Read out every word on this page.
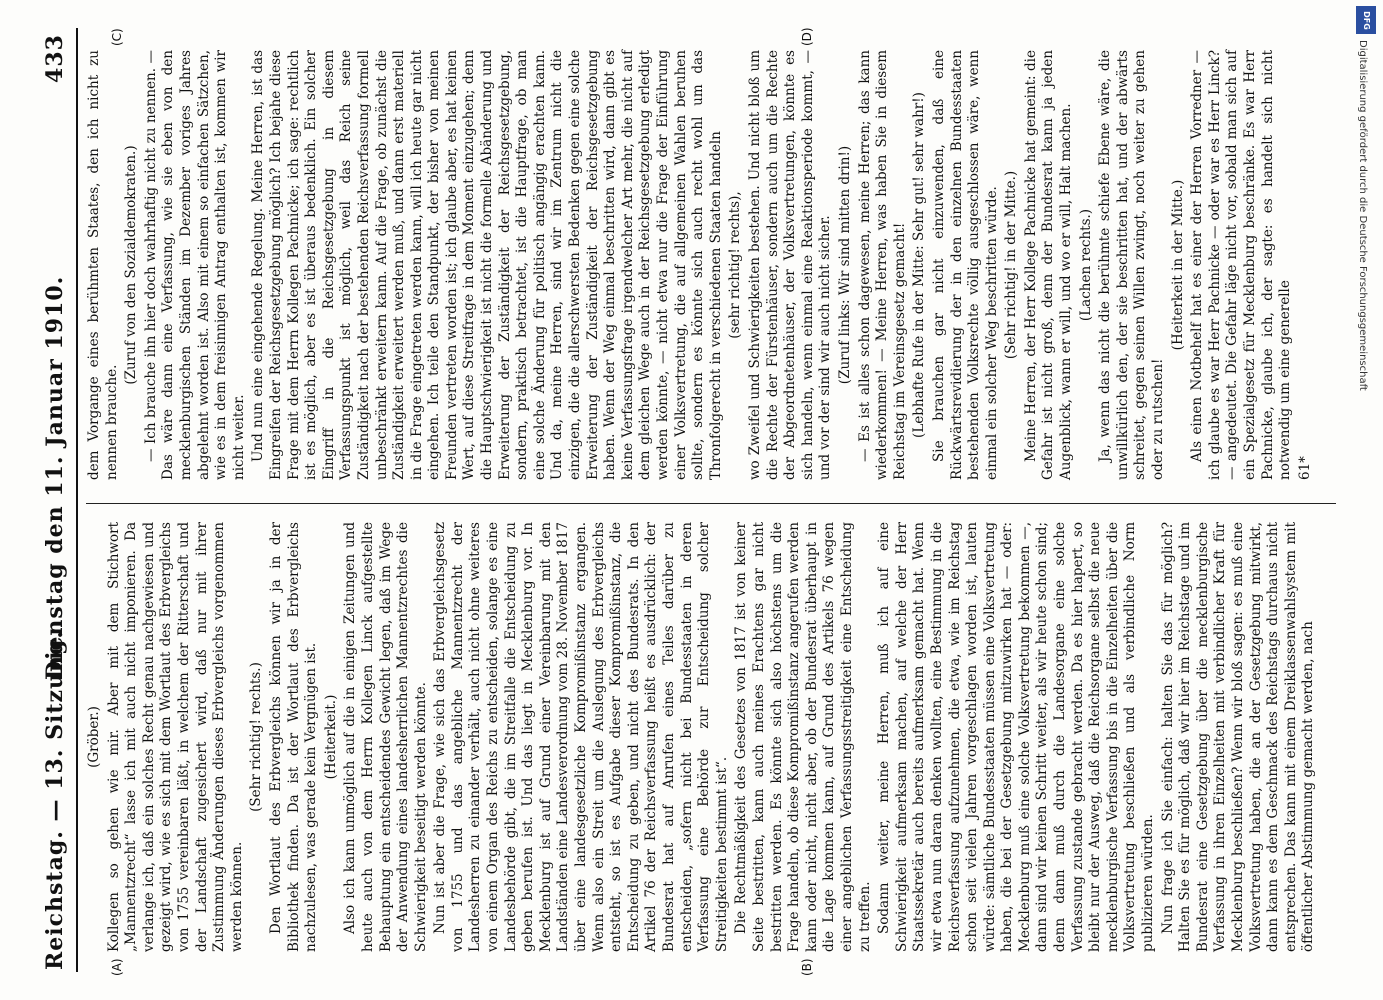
Reichstag. — 13. Sitzung.
Dienstag den 11. Januar 1910.
433
(A)	(B)
(C)	(D)

(Gröber.) Kollegen so gehen wie mir. Aber mit dem Stichwort „Mannentzrecht“ lasse ich mit auch nicht imponieren. Da verlange ich, daß ein solches Recht genau nachgewiesen und gezeigt wird, wie es sich mit dem Wortlaut des Erbvergleichs von 1755 vereinbaren läßt, in welchem der Ritterschaft und der Landschaft zugesichert wird, daß nur mit ihrer Zustimmung Änderungen dieses Erbvergleichs vorgenommen werden können.

(Sehr richtig! rechts.) Den Wortlaut des Erbvergleichs können wir ja in der Bibliothek finden. Da ist der Wortlaut des Erbvergleichs nachzulesen, was gerade kein Vergnügen ist. (Heiterkeit.) Also ich kann unmöglich auf die in einigen Zeitungen und heute auch von dem Herrn Kollegen Linck aufgestellte Behauptung ein entscheidendes Gewicht legen, daß im Wege der Anwendung eines landesherrlichen Mannentzrechtes die Schwierigkeit beseitigt werden könnte. Nun ist aber die Frage, wie sich das Erbvergleichsgesetz von 1755 und das angebliche Mannentzrecht der Landesherren zu einander verhält, auch nicht ohne weiteres von einem Organ des Reichs zu entscheiden, solange es eine Landesbehörde gibt, die im Streitfalle die Entscheidung zu geben berufen ist. Und das liegt in Mecklenburg vor. In Mecklenburg ist auf Grund einer Vereinbarung mit den Landständen eine Landesverordnung vom 28. November 1817 über eine landesgesetzliche Kompromißinstanz ergangen. Wenn also ein Streit um die Auslegung des Erbvergleichs entsteht, so ist es Aufgabe dieser Kompromißinstanz, die Entscheidung zu geben, und nicht des Bundesrats. In den Artikel 76 der Reichsverfassung heißt es ausdrücklich: der Bundesrat hat auf Anrufen eines Teiles darüber zu entscheiden, „sofern nicht bei Bundesstaaten in deren Verfassung eine Behörde zur Entscheidung solcher Streitigkeiten bestimmt ist“. Die Rechtmäßigkeit des Gesetzes von 1817 ist von keiner Seite bestritten, kann auch meines Erachtens gar nicht bestritten werden. Es könnte sich also höchstens um die Frage handeln, ob diese Kompromißinstanz angerufen werden kann oder nicht, nicht aber, ob der Bundesrat überhaupt in die Lage kommen kann, auf Grund des Artikels 76 wegen einer angeblichen Verfassungsstreitigkeit eine Entscheidung zu treffen. Sodann weiter, meine Herren, muß ich auf eine Schwierigkeit aufmerksam machen, auf welche der Herr Staatssekretär auch bereits aufmerksam gemacht hat. Wenn wir etwa nun daran denken wollten, eine Bestimmung in die Reichsverfassung aufzunehmen, die etwa, wie im Reichstag schon seit vielen Jahren vorgeschlagen worden ist, lauten würde: sämtliche Bundesstaaten müssen eine Volksvertretung haben, die bei der Gesetzgebung mitzuwirken hat — oder: Mecklenburg muß eine solche Volksvertretung bekommen —, dann sind wir keinen Schritt weiter, als wir heute schon sind; denn dann muß durch die Landesorgane eine solche Verfassung zustande gebracht werden. Da es hier hapert, so bleibt nur der Ausweg, daß die Reichsorgane selbst die neue mecklenburgische Verfassung bis in die Einzelheiten über die Volksvertretung beschließen und als verbindliche Norm publizieren würden. Nun frage ich Sie einfach: halten Sie das für möglich? Halten Sie es für möglich, daß wir hier im Reichstage und im Bundesrat eine Gesetzgebung über die mecklenburgische Verfassung in ihren Einzelheiten mit verbindlicher Kraft für Mecklenburg beschließen? Wenn wir bloß sagen: es muß eine Volksvertretung haben, die an der Gesetzgebung mitwirkt, dann kann es dem Geschmack des Reichstags durchaus nicht entsprechen. Das kann mit einem Dreiklassenwahlsystem mit öffentlicher Abstimmung gemacht werden, nach

dem Vorgange eines berühmten Staates, den ich nicht zu nennen brauche.

(Zuruf von den Sozialdemokraten.) — Ich brauche ihn hier doch wahrhaftig nicht zu nennen. — Das wäre dann eine Verfassung, wie sie eben von den mecklenburgischen Ständen im Dezember voriges Jahres abgelehnt worden ist. Also mit einem so einfachen Sätzchen, wie es in dem freisinnigen Antrag enthalten ist, kommen wir nicht weiter. Und nun eine eingehende Regelung. Meine Herren, ist das Eingreifen der Reichsgesetzgebung möglich? Ich bejahe diese Frage mit dem Herrn Kollegen Pachnicke; ich sage: rechtlich ist es möglich, aber es ist überaus bedenklich. Ein solcher Eingriff in die Reichsgesetzgebung in diesem Verfassungspunkt ist möglich, weil das Reich seine Zuständigkeit nach der bestehenden Reichsverfassung formell unbeschränkt erweitern kann. Auf die Frage, ob zunächst die Zuständigkeit erweitert werden muß, und dann erst materiell in die Frage eingetreten werden kann, will ich heute gar nicht eingehen. Ich teile den Standpunkt, der bisher von meinen Freunden vertreten worden ist; ich glaube aber, es hat keinen Wert, auf diese Streitfrage in dem Moment einzugehen; denn die Hauptschwierigkeit ist nicht die formelle Abänderung und Erweiterung der Zuständigkeit der Reichsgesetzgebung, sondern, praktisch betrachtet, ist die Hauptfrage, ob man eine solche Änderung für politisch angängig erachten kann. Und da, meine Herren, sind wir im Zentrum nicht die einzigen, die die allerschwersten Bedenken gegen eine solche Erweiterung der Zuständigkeit der Reichsgesetzgebung haben. Wenn der Weg einmal beschritten wird, dann gibt es keine Verfassungsfrage irgendwelcher Art mehr, die nicht auf dem gleichen Wege auch in der Reichsgesetzgebung erledigt werden könnte, — nicht etwa nur die Frage der Einführung einer Volksvertretung, die auf allgemeinen Wahlen beruhen sollte, sondern es könnte sich auch recht wohl um das Thronfolgerecht in verschiedenen Staaten handeln (sehr richtig! rechts), wo Zweifel und Schwierigkeiten bestehen. Und nicht bloß um die Rechte der Fürstenhäuser, sondern auch um die Rechte der Abgeordnetenhäuser, der Volksvertretungen, könnte es sich handeln, wenn einmal eine Reaktionsperiode kommt, — und vor der sind wir auch nicht sicher. (Zuruf links: Wir sind mitten drin!) — Es ist alles schon dagewesen, meine Herren; das kann wiederkommen! — Meine Herren, was haben Sie in diesem Reichstag im Vereinsgesetz gemacht! (Lebhafte Rufe in der Mitte: Sehr gut! sehr wahr!) Sie brauchen gar nicht einzuwenden, daß eine Rückwärtsrevidierung der in den einzelnen Bundesstaaten bestehenden Volksrechte völlig ausgeschlossen wäre, wenn einmal ein solcher Weg beschritten würde. (Sehr richtig! in der Mitte.) Meine Herren, der Herr Kollege Pachnicke hat gemeint: die Gefahr ist nicht groß, denn der Bundesrat kann ja jeden Augenblick, wann er will, und wo er will, Halt machen. (Lachen rechts.) Ja, wenn das nicht die berühmte schiefe Ebene wäre, die unwillkürlich den, der sie beschritten hat, und der abwärts schreitet, gegen seinen Willen zwingt, noch weiter zu gehen oder zu rutschen!

(Heiterkeit in der Mitte.) Als einen Notbehelf hat es einer der Herren Vorredner — ich glaube es war Herr Pachnicke — oder war es Herr Linck? — angedeutet. Die Gefahr läge nicht vor, sobald man sich auf ein Spezialgesetz für Mecklenburg beschränke. Es war Herr Pachnicke, glaube ich, der sagte: es handelt sich nicht notwendig um eine generelle 61*

Digitalisierung gefördert durch die Deutsche Forschungsgemeinschaft
DFG
